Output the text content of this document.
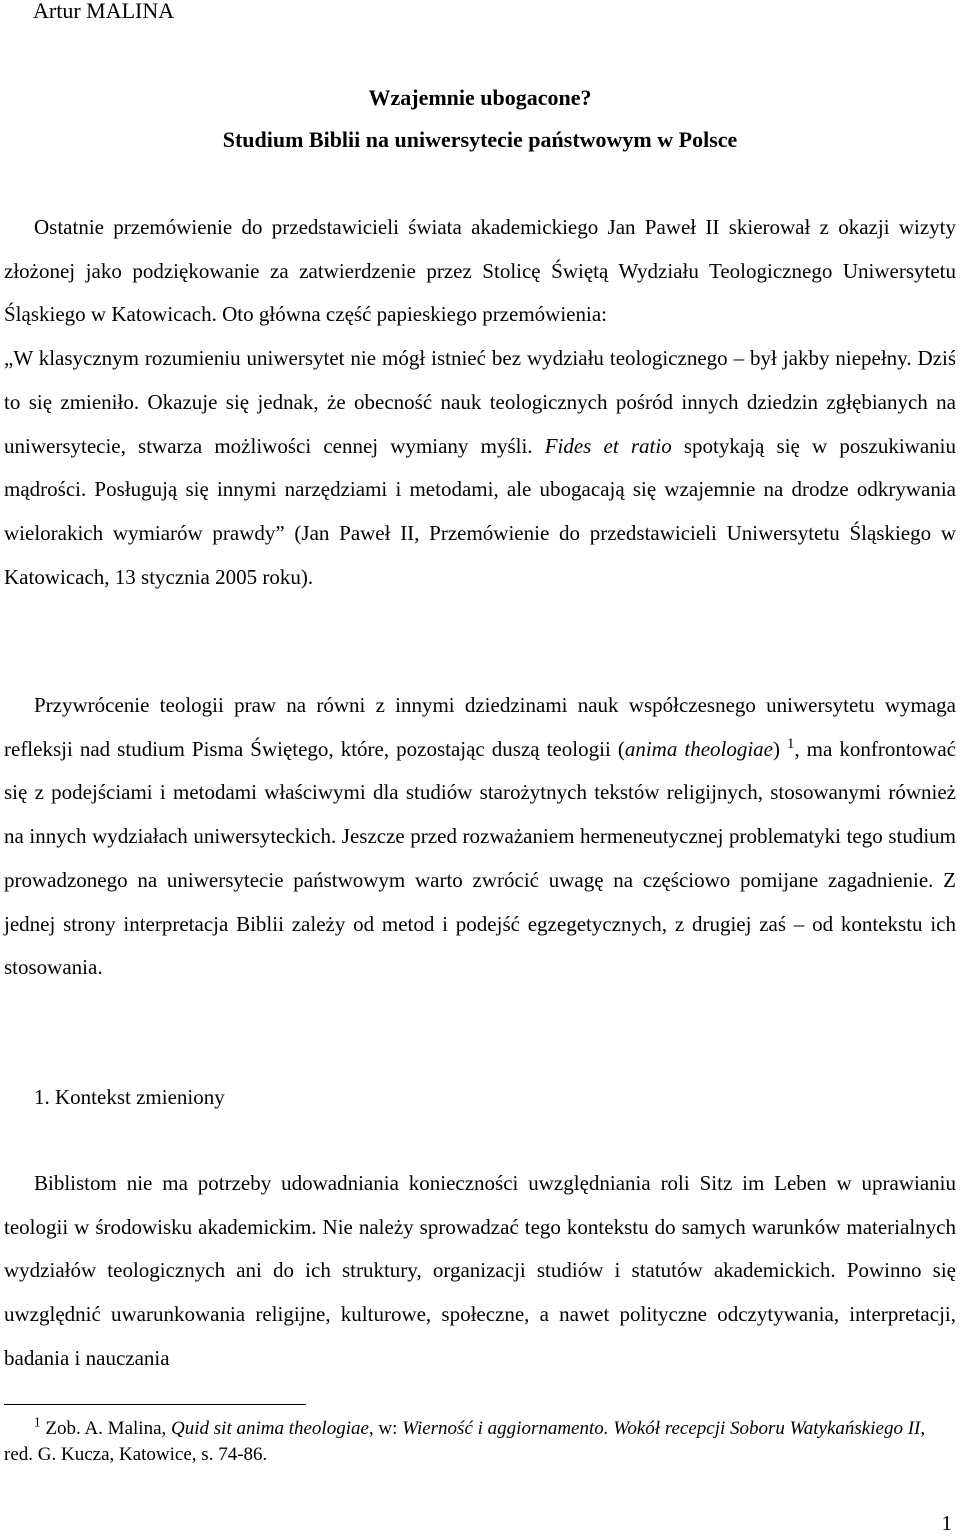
Artur MALINA
Wzajemnie ubogacone?
Studium Biblii na uniwersytecie państwowym w Polsce
Ostatnie przemówienie do przedstawicieli świata akademickiego Jan Paweł II skierował z okazji wizyty złożonej jako podziękowanie za zatwierdzenie przez Stolicę Świętą Wydziału Teologicznego Uniwersytetu Śląskiego w Katowicach. Oto główna część papieskiego przemówienia:
„W klasycznym rozumieniu uniwersytet nie mógł istnieć bez wydziału teologicznego – był jakby niepełny. Dziś to się zmieniło. Okazuje się jednak, że obecność nauk teologicznych pośród innych dziedzin zgłębianych na uniwersytecie, stwarza możliwości cennej wymiany myśli. Fides et ratio spotykają się w poszukiwaniu mądrości. Posługują się innymi narzędziami i metodami, ale ubogacają się wzajemnie na drodze odkrywania wielorakich wymiarów prawdy” (Jan Paweł II, Przemówienie do przedstawicieli Uniwersytetu Śląskiego w Katowicach, 13 stycznia 2005 roku).
Przywrócenie teologii praw na równi z innymi dziedzinami nauk współczesnego uniwersytetu wymaga refleksji nad studium Pisma Świętego, które, pozostając duszą teologii (anima theologiae) $^1$, ma konfrontować się z podejściami i metodami właściwymi dla studiów starożytnych tekstów religijnych, stosowanymi również na innych wydziałach uniwersyteckich. Jeszcze przed rozważaniem hermeneutycznej problematyki tego studium prowadzonego na uniwersytecie państwowym warto zwrócić uwagę na częściowo pomijane zagadnienie. Z jednej strony interpretacja Biblii zależy od metod i podejść egzegetycznych, z drugiej zaś – od kontekstu ich stosowania.
1. Kontekst zmieniony
Biblistom nie ma potrzeby udowadniania konieczności uwzględniania roli Sitz im Leben w uprawianiu teologii w środowisku akademickim. Nie należy sprowadzać tego kontekstu do samych warunków materialnych wydziałów teologicznych ani do ich struktury, organizacji studiów i statutów akademickich. Powinno się uwzględnić uwarunkowania religijne, kulturowe, społeczne, a nawet polityczne odczytywania, interpretacji, badania i nauczania
$^1$ Zob. A. Malina, Quid sit anima theologiae, w: Wierność i aggiornamento. Wokół recepcji Soboru Watykańskiego II, red. G. Kucza, Katowice, s. 74-86.
1
